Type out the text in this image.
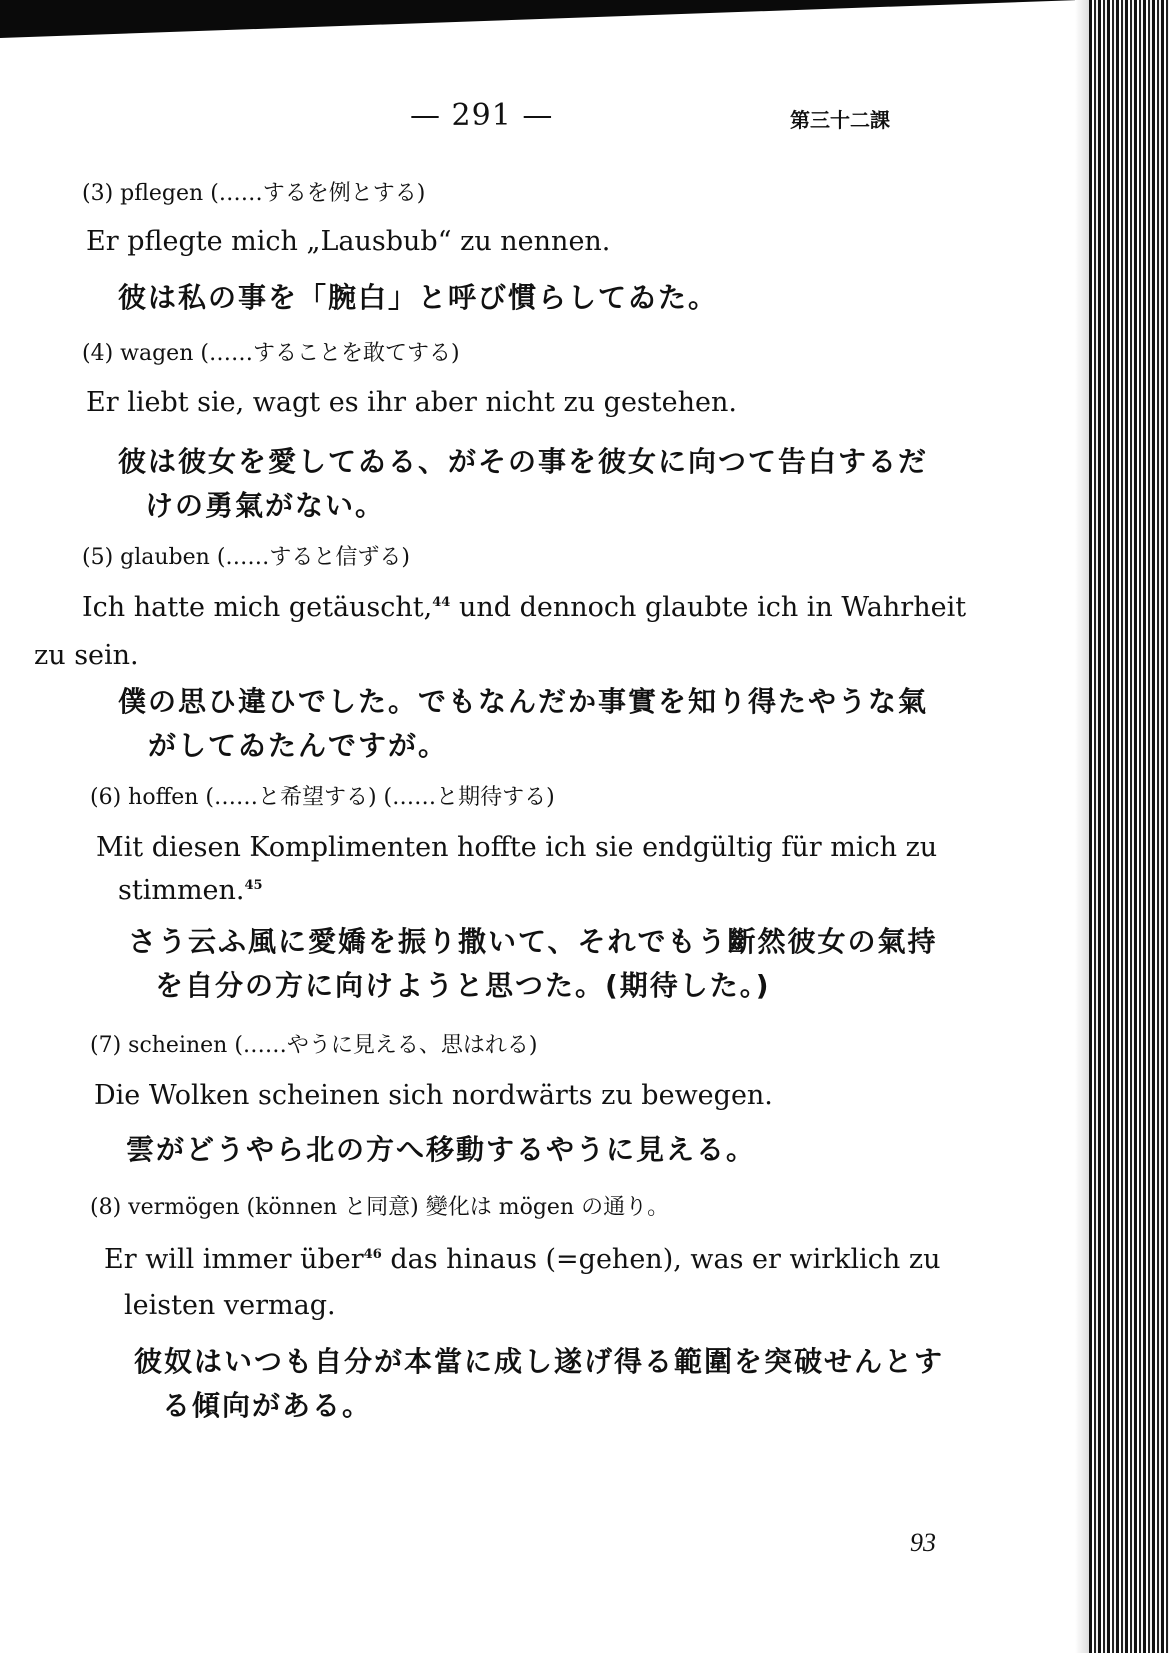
— 291 —	第三十二課
(3) pflegen (……するを例とする)
Er pflegte mich „Lausbub“ zu nennen.
彼は私の事を「腕白」と呼び慣らしてゐた。
(4) wagen (……することを敢てする)
Er liebt sie, wagt es ihr aber nicht zu gestehen.
彼は彼女を愛してゐる、がその事を彼女に向つて告白するだ
けの勇氣がない。
(5) glauben (……すると信ずる)
Ich hatte mich getäuscht,$^{44}$ und dennoch glaubte ich in Wahrheit
zu sein.
僕の思ひ違ひでした。でもなんだか事實を知り得たやうな氣
がしてゐたんですが。
(6) hoffen (……と希望する) (……と期待する)
Mit diesen Komplimenten hoffte ich sie endgültig für mich zu
stimmen.$^{45}$
さう云ふ風に愛嬌を振り撒いて、それでもう斷然彼女の氣持
を自分の方に向けようと思つた。(期待した。)
(7) scheinen (……やうに見える、思はれる)
Die Wolken scheinen sich nordwärts zu bewegen.
雲がどうやら北の方へ移動するやうに見える。
(8) vermögen (können と同意) 變化は mögen の通り。
Er will immer über$^{46}$ das hinaus (=gehen), was er wirklich zu
leisten vermag.
彼奴はいつも自分が本當に成し遂げ得る範圍を突破せんとす
る傾向がある。
93
